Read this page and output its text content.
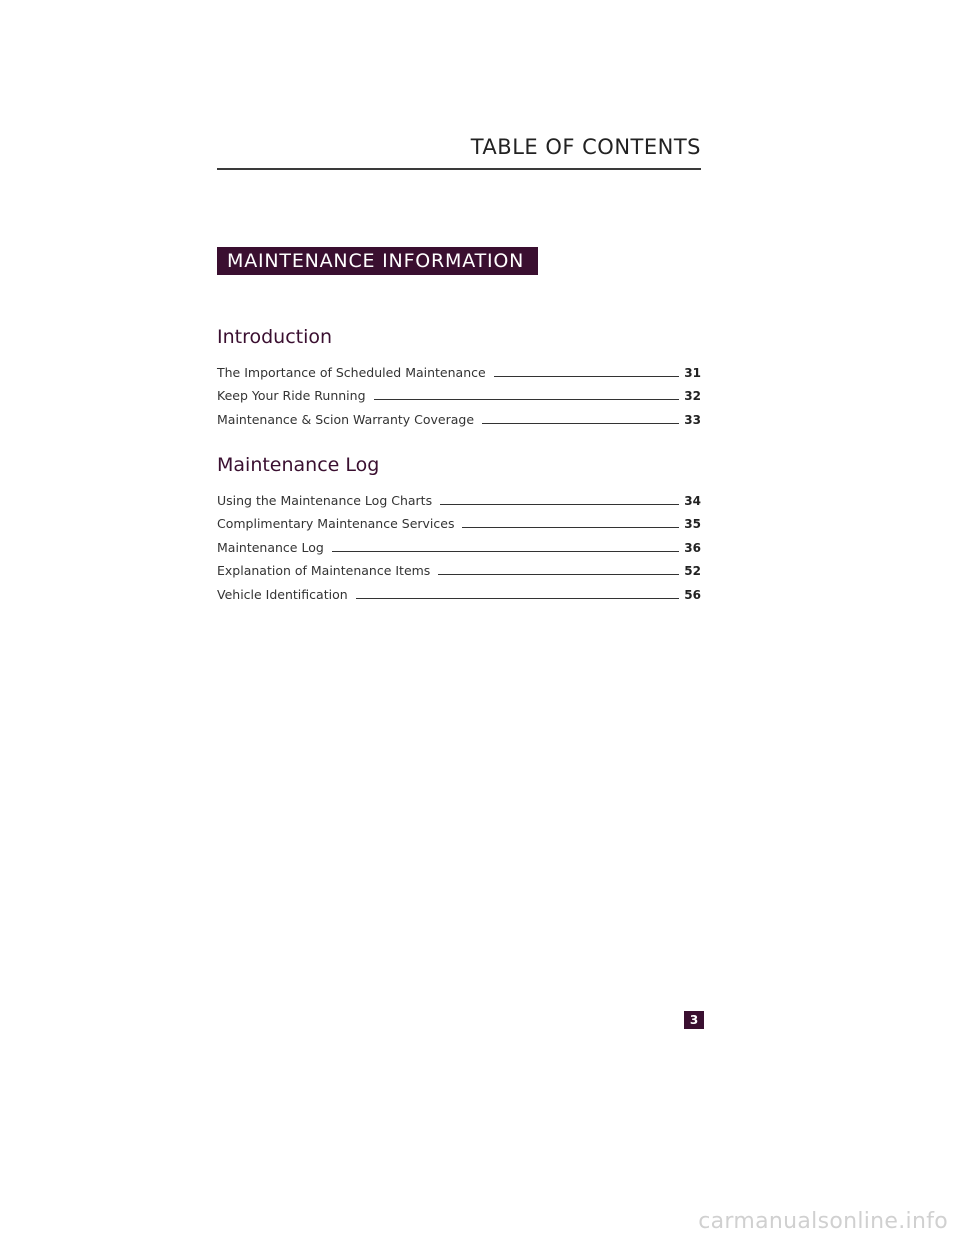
TABLE OF CONTENTS
MAINTENANCE INFORMATION
Introduction
The Importance of Scheduled Maintenance	31
Keep Your Ride Running	32
Maintenance & Scion Warranty Coverage	33
Maintenance Log
Using the Maintenance Log Charts	34
Complimentary Maintenance Services	35
Maintenance Log	36
Explanation of Maintenance Items	52
Vehicle Identification	56
3
carmanualsonline.info
